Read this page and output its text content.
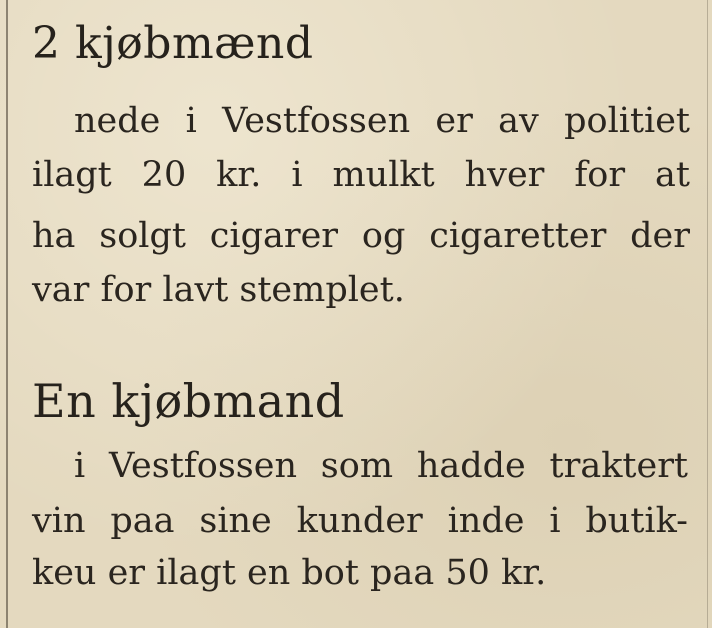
2 kjøbmænd
nede i Vestfossen er av politiet
ilagt 20 kr. i mulkt hver for at
ha solgt cigarer og cigaretter der
var for lavt stemplet.
En kjøbmand
i Vestfossen som hadde traktert
vin paa sine kunder inde i butik-
keu er ilagt en bot paa 50 kr.
